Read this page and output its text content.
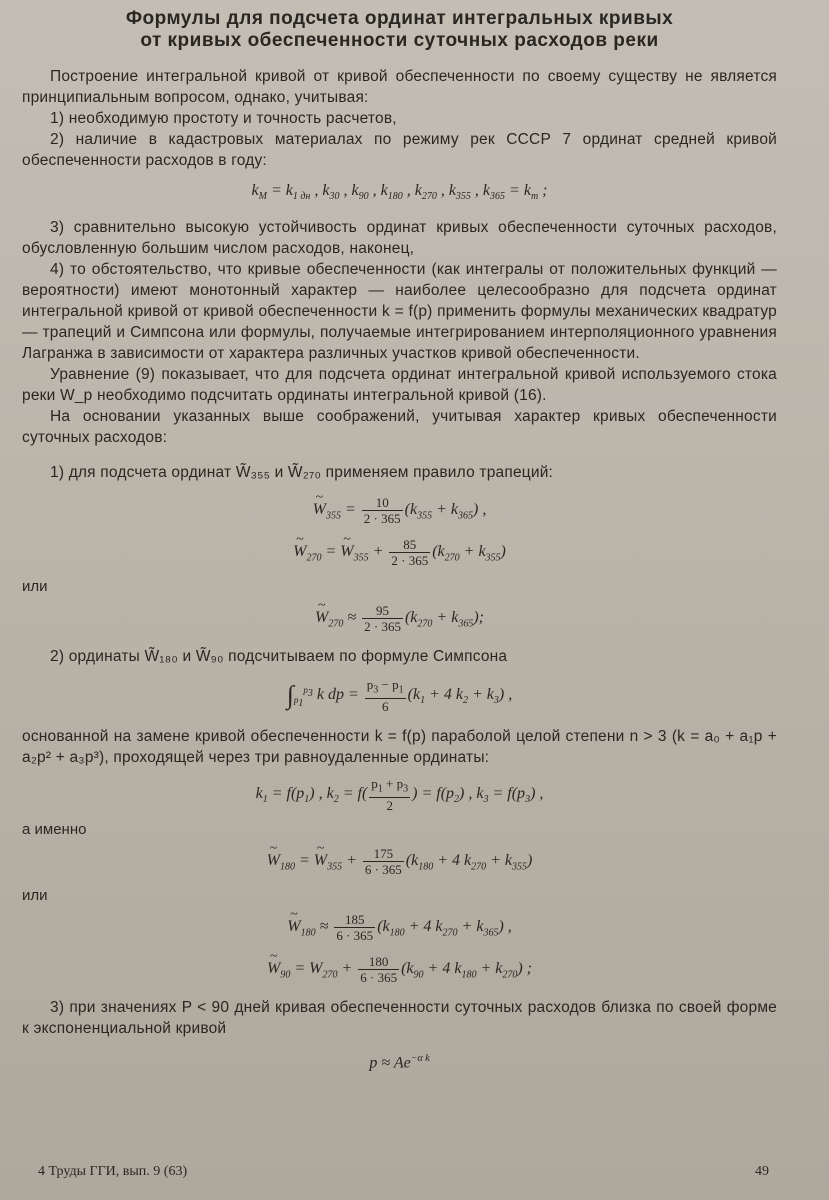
Формулы для подсчета ординат интегральных кривых
от кривых обеспеченности суточных расходов реки

Построение интегральной кривой от кривой обеспеченности по своему существу не является принципиальным вопросом, однако, учитывая:

1) необходимую простоту и точность расчетов,

2) наличие в кадастровых материалах по режиму рек СССР 7 ординат средней кривой обеспеченности расходов в году:

$k_M = k_{1 дн}$ , $k_{30}$ , $k_{90}$ , $k_{180}$ , $k_{270}$ , $k_{355}$ , $k_{365} = k_m$ ;

3) сравнительно высокую устойчивость ординат кривых обеспеченности суточных расходов, обусловленную большим числом расходов, наконец,

4) то обстоятельство, что кривые обеспеченности (как интегралы от положительных функций — вероятности) имеют монотонный характер — наиболее целесообразно для подсчета ординат интегральной кривой от кривой обеспеченности k = f(p) применить формулы механических квадратур — трапеций и Симпсона или формулы, получаемые интегрированием интерполяционного уравнения Лагранжа в зависимости от характера различных участков кривой обеспеченности.

Уравнение (9) показывает, что для подсчета ординат интегральной кривой используемого стока реки W_p необходимо подсчитать ординаты интегральной кривой (16).

На основании указанных выше соображений, учитывая характер кривых обеспеченности суточных расходов:

1) для подсчета ординат W̃₃₅₅ и W̃₂₇₀ применяем правило трапеций:

~ $W_{355} = \frac{10}{2 \cdot 365} (k_{355} + k_{365})$ ,
~ $W_{270}$ = ~ $W_{355} + \frac{85}{2 \cdot 365} (k_{270} + k_{355})$
или
~ $W_{270} \approx \frac{95}{2 \cdot 365} (k_{270} + k_{365})$;

2) ординаты W̃₁₈₀ и W̃₉₀ подсчитываем по формуле Симпсона

$\int_{p_1}^{p_3}$ k dp = $\frac{p_3 - p_1}{6} (k_1 + 4$ $k_2 + k_3$) ,

основанной на замене кривой обеспеченности k = f(p) параболой целой степени n > 3 (k = a₀ + a₁p + a₂p² + a₃p³), проходящей через три равноудаленные ординаты:

$k_1 = f(p_1)$ , $k_2 = f( \frac{p_1 + p_3}{2}$ ) = $f(p_2)$ , $k_3 = f(p_3)$ ,
а именно
~ $W_{180}$ = ~ $W_{355} + \frac{175}{6 \cdot 365} (k_{180} + 4$ $k_{270} + k_{355}$)
или
~ $W_{180} \approx \frac{185}{6 \cdot 365} (k_{180} + 4$ $k_{270} + k_{365}$) ,
~ $W_{90} = W_{270} + \frac{180}{6 \cdot 365} (k_{90} + 4$ $k_{180} + k_{270}$) ;

3) при значениях P < 90 дней кривая обеспеченности суточных расходов близка по своей форме к экспоненциальной кривой

$p \approx Ae^{-\alpha k}$
4 Труды ГГИ, вып. 9 (63)	49
